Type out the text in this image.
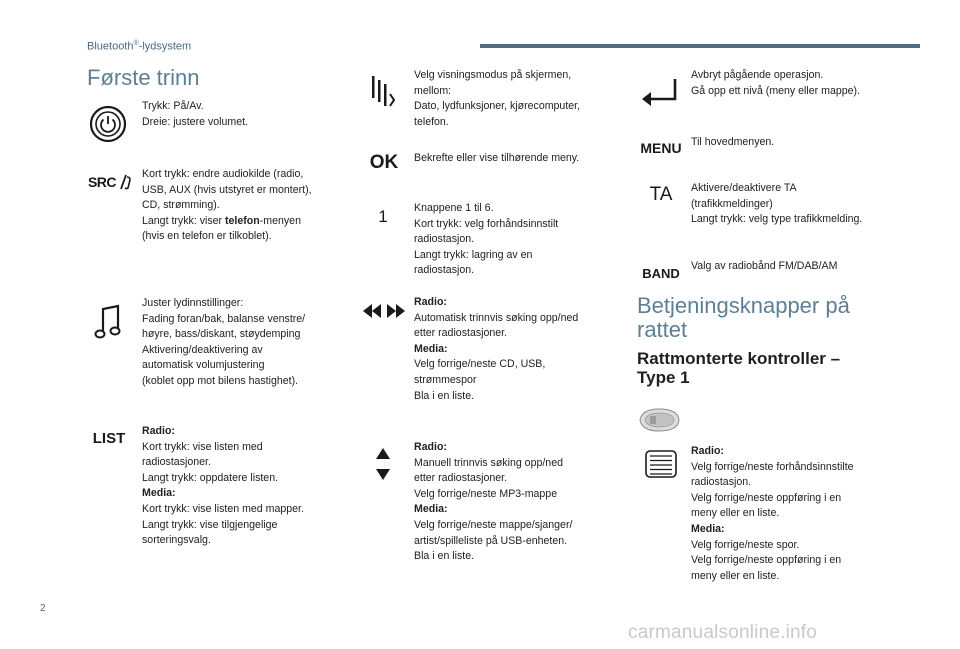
Bluetooth®-lydsystem
Første trinn
Trykk: På/Av.
Dreie: justere volumet.
SRC Kort trykk: endre audiokilde (radio,
USB, AUX (hvis utstyret er montert),
CD, strømming).
Langt trykk: viser telefon-menyen
(hvis en telefon er tilkoblet).
Juster lydinnstillinger:
Fading foran/bak, balanse venstre/
høyre, bass/diskant, støydemping
Aktivering/deaktivering av
automatisk volumjustering
(koblet opp mot bilens hastighet).
LIST Radio:
Kort trykk: vise listen med
radiostasjoner.
Langt trykk: oppdatere listen.
Media:
Kort trykk: vise listen med mapper.
Langt trykk: vise tilgjengelige
sorteringsvalg.
Velg visningsmodus på skjermen,
mellom:
Dato, lydfunksjoner, kjørecomputer,
telefon.
OK Bekrefte eller vise tilhørende meny.
1 Knappene 1 til 6.
Kort trykk: velg forhåndsinnstilt
radiostasjon.
Langt trykk: lagring av en
radiostasjon.
Radio:
Automatisk trinnvis søking opp/ned
etter radiostasjoner.
Media:
Velg forrige/neste CD, USB,
strømmespor
Bla i en liste.
Radio:
Manuell trinnvis søking opp/ned
etter radiostasjoner.
Velg forrige/neste MP3-mappe
Media:
Velg forrige/neste mappe/sjanger/
artist/spilleliste på USB-enheten.
Bla i en liste.
Avbryt pågående operasjon.
Gå opp ett nivå (meny eller mappe).
MENU Til hovedmenyen.
TA Aktivere/deaktivere TA
(trafikkmeldinger)
Langt trykk: velg type trafikkmelding.
BAND Valg av radiobånd FM/DAB/AM
Betjeningsknapper på
rattet
Rattmonterte kontroller –
Type 1
Radio:
Velg forrige/neste forhåndsinnstilte
radiostasjon.
Velg forrige/neste oppføring i en
meny eller en liste.
Media:
Velg forrige/neste spor.
Velg forrige/neste oppføring i en
meny eller en liste.
2
carmanualsonline.info
